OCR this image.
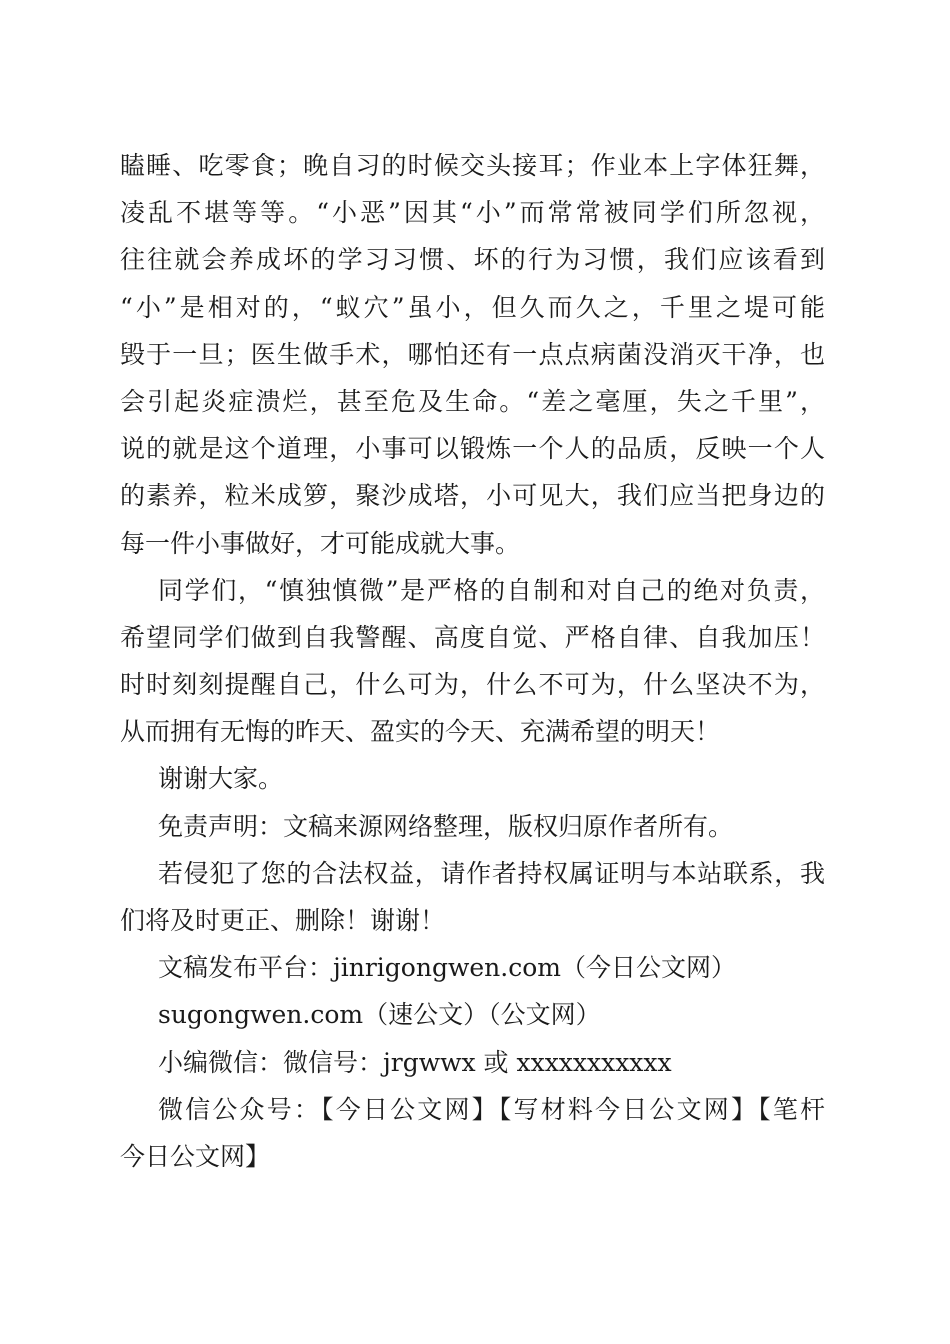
瞌睡、吃零食；晚自习的时候交头接耳；作业本上字体狂舞，
凌乱不堪等等。“小恶”因其“小”而常常被同学们所忽视，
往往就会养成坏的学习习惯、坏的行为习惯，我们应该看到
“小”是相对的，“蚁穴”虽小，但久而久之，千里之堤可能
毁于一旦；医生做手术，哪怕还有一点点病菌没消灭干净，也
会引起炎症溃烂，甚至危及生命。“差之毫厘，失之千里”，
说的就是这个道理，小事可以锻炼一个人的品质，反映一个人
的素养，粒米成箩，聚沙成塔，小可见大，我们应当把身边的
每一件小事做好，才可能成就大事。
同学们，“慎独慎微”是严格的自制和对自己的绝对负责，
希望同学们做到自我警醒、高度自觉、严格自律、自我加压！
时时刻刻提醒自己，什么可为，什么不可为，什么坚决不为，
从而拥有无悔的昨天、盈实的今天、充满希望的明天！
谢谢大家。
免责声明：文稿来源网络整理，版权归原作者所有。
若侵犯了您的合法权益，请作者持权属证明与本站联系，我
们将及时更正、删除！谢谢！
文稿发布平台：jinrigongwen.com（今日公文网）
sugongwen.com（速公文）（公文网）
小编微信：微信号：jrgwwx 或 xxxxxxxxxxx
微信公众号：【今日公文网】【写材料今日公文网】【笔杆
今日公文网】
